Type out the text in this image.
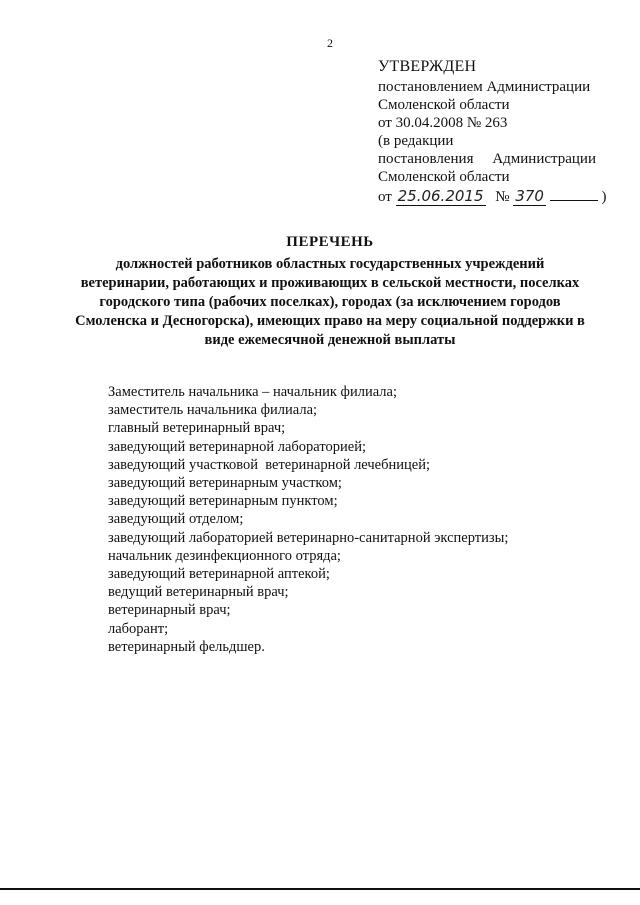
2
УТВЕРЖДЕН
постановлением Администрации
Смоленской области
от 30.04.2008 № 263
(в редакции
постановления Администрации
Смоленской области
от 25.06.2015 № 370	)
ПЕРЕЧЕНЬ
должностей работников областных государственных учреждений
ветеринарии, работающих и проживающих в сельской местности, поселках
городского типа (рабочих поселках), городах (за исключением городов
Смоленска и Десногорска), имеющих право на меру социальной поддержки в
виде ежемесячной денежной выплаты
Заместитель начальника – начальник филиала;
заместитель начальника филиала;
главный ветеринарный врач;
заведующий ветеринарной лабораторией;
заведующий участковой  ветеринарной лечебницей;
заведующий ветеринарным участком;
заведующий ветеринарным пунктом;
заведующий отделом;
заведующий лабораторией ветеринарно-санитарной экспертизы;
начальник дезинфекционного отряда;
заведующий ветеринарной аптекой;
ведущий ветеринарный врач;
ветеринарный врач;
лаборант;
ветеринарный фельдшер.
